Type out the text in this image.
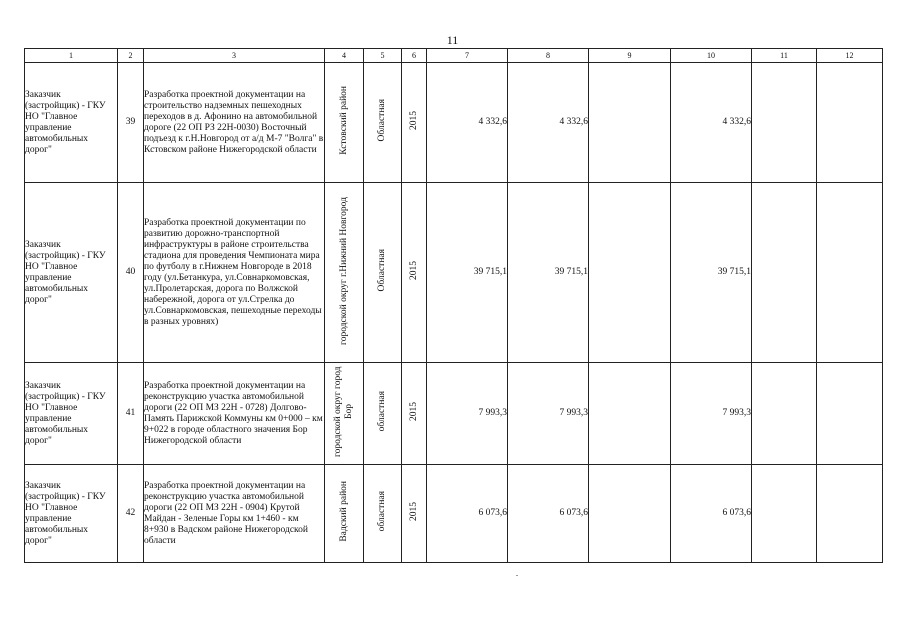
11
1	2	3	4	5	6	7	8	9	10	11	12
Заказчик (застройщик) - ГКУ НО "Главное управление автомобильных дорог"	39	Разработка проектной документации на строительство надземных пешеходных переходов в д. Афонино на автомобильной дороге (22 ОП РЗ 22Н-0030) Восточный подъезд к г.Н.Новгород от а/д М-7 "Волга" в Кстовском районе Нижегородской области	Кстовский район	Областная	2015	4 332,6	4 332,6		4 332,6		
Заказчик (застройщик) - ГКУ НО "Главное управление автомобильных дорог"	40	Разработка проектной документации по развитию дорожно-транспортной инфраструктуры в районе строительства стадиона для проведения Чемпионата мира по футболу в г.Нижнем Новгороде в 2018 году (ул.Бетанкура, ул.Совнаркомовская, ул.Пролетарская, дорога по Волжской набережной, дорога от ул.Стрелка до ул.Совнаркомовская, пешеходные переходы в разных уровнях)	городской округ г.Нижний Новгород	Областная	2015	39 715,1	39 715,1		39 715,1		
Заказчик (застройщик) - ГКУ НО "Главное управление автомобильных дорог"	41	Разработка проектной документации на реконструкцию участка автомобильной дороги (22 ОП МЗ 22Н - 0728) Долгово-Память Парижской Коммуны км 0+000 – км 9+022 в городе областного значения Бор Нижегородской области	городской округ город Бор	областная	2015	7 993,3	7 993,3		7 993,3		
Заказчик (застройщик) - ГКУ НО "Главное управление автомобильных дорог"	42	Разработка проектной документации на реконструкцию участка автомобильной дороги (22 ОП МЗ 22Н - 0904) Крутой Майдан - Зеленые Горы км 1+460 - км 8+930 в Вадском районе Нижегородской области	Вадский район	областная	2015	6 073,6	6 073,6		6 073,6		
